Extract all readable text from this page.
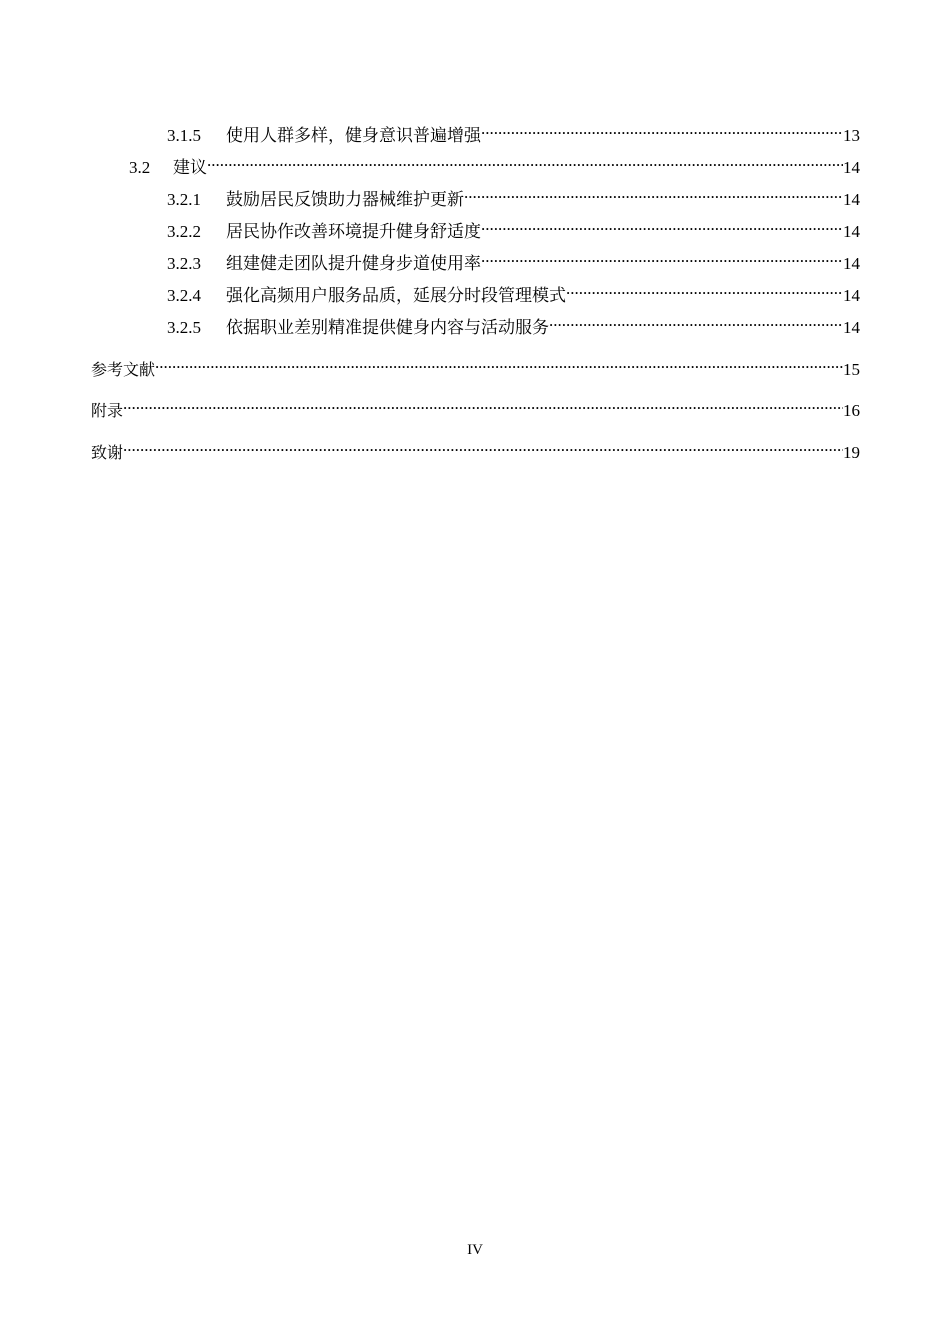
3.1.5	使用人群多样，健身意识普遍增强 .....	13
3.2	建议 .....	14
3.2.1	鼓励居民反馈助力器械维护更新 .....	14
3.2.2	居民协作改善环境提升健身舒适度 .....	14
3.2.3	组建健走团队提升健身步道使用率 .....	14
3.2.4	强化高频用户服务品质，延展分时段管理模式 .....	14
3.2.5	依据职业差别精准提供健身内容与活动服务 .....	14
参考文献 .....	15
附录 .....	16
致谢 .....	19
IV
